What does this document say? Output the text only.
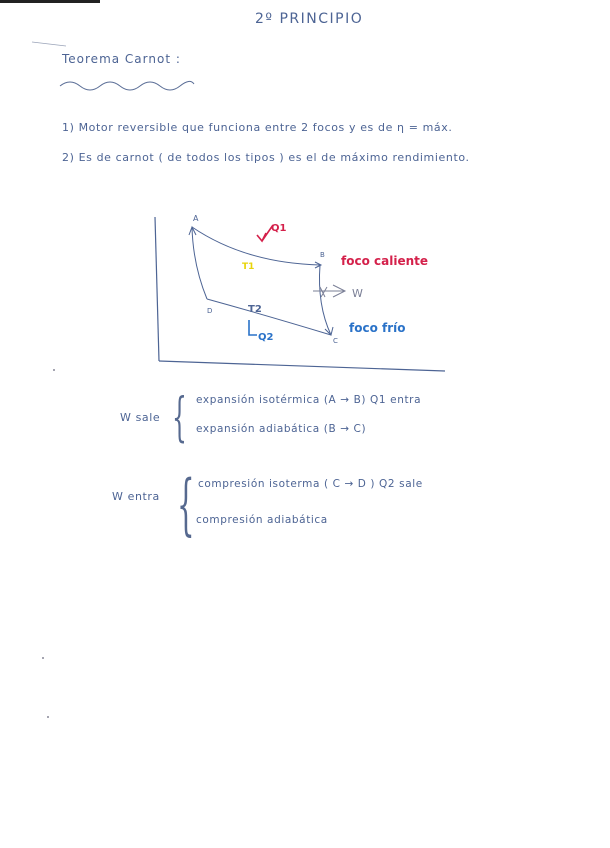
2º PRINCIPIO
Teorema Carnot :
1) Motor reversible que funciona entre 2 focos y es de η = máx.
2) Es de carnot ( de todos los tipos ) es el de máximo rendimiento.
A
B
C
D
Q1
T1
T2
Q2
W
foco caliente
foco frío
W sale { expansión isotérmica (A → B) Q1 entra
expansión adiabática (B → C)
W entra { compresión isoterma ( C → D ) Q2 sale
compresión adiabática
